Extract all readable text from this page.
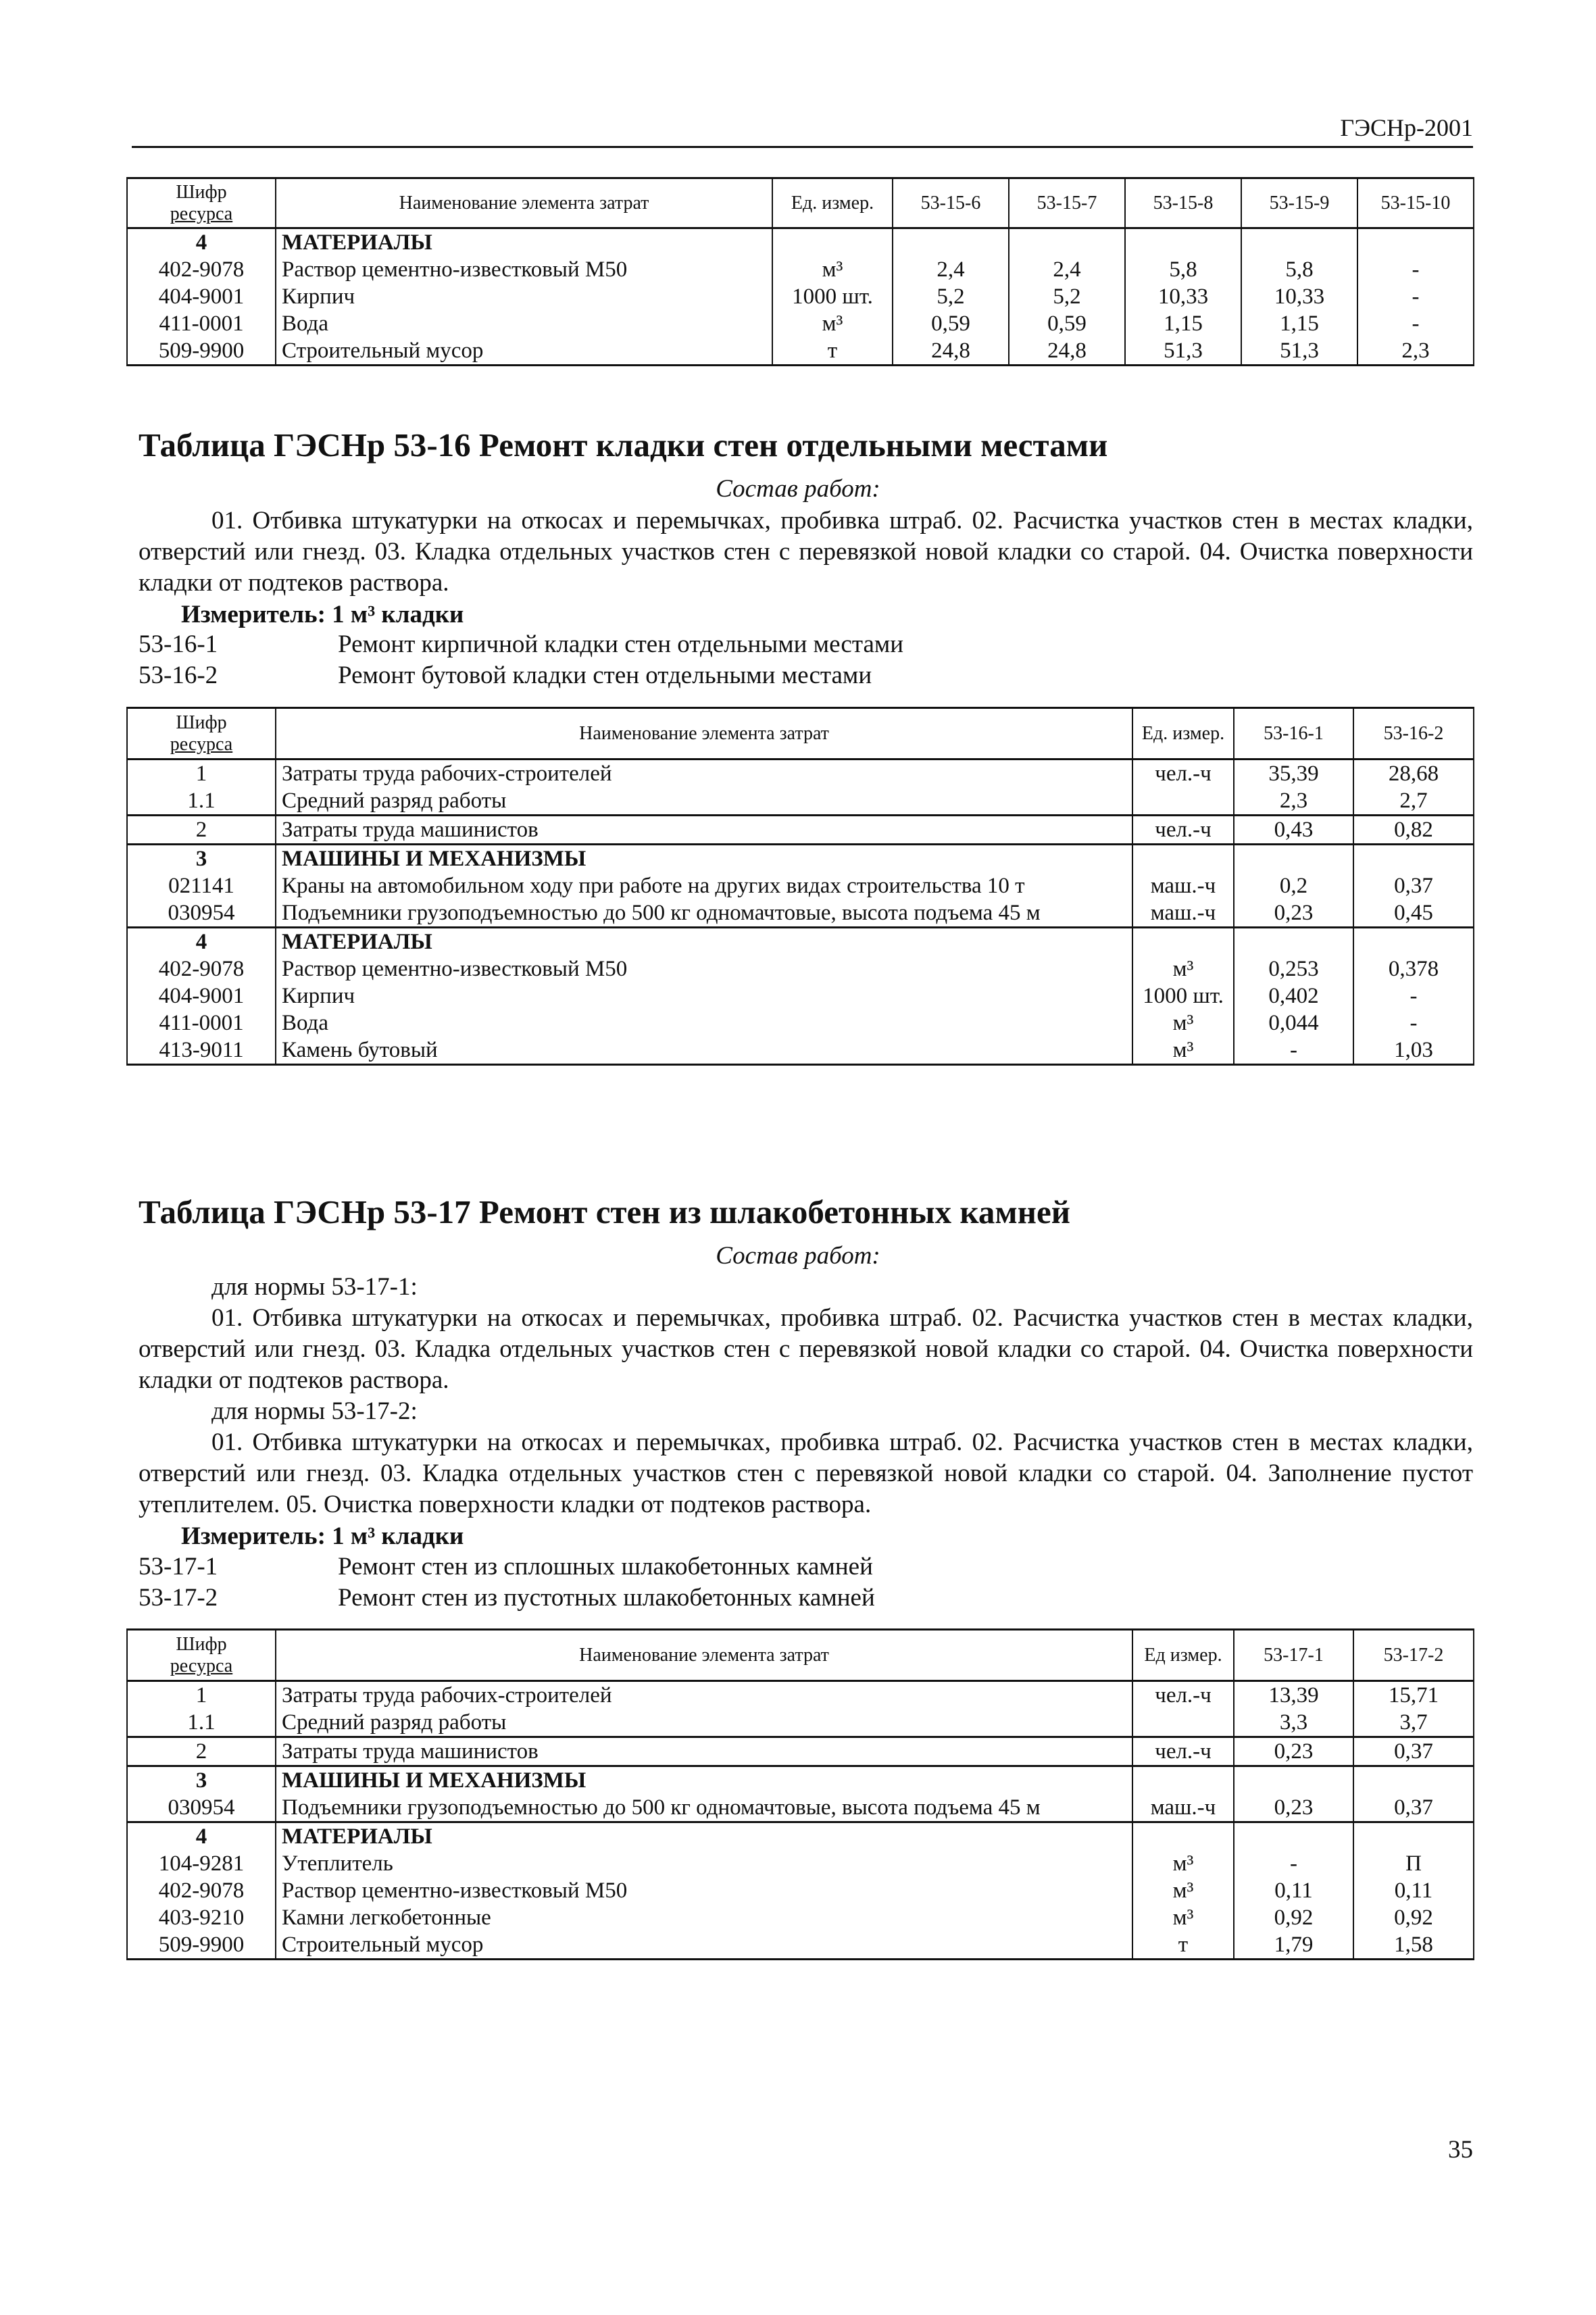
ГЭСНр-2001
Шифр
ресурса	Наименование элемента затрат	Ед. измер.	53-15-6	53-15-7	53-15-8	53-15-9	53-15-10
4	МАТЕРИАЛЫ						
402-9078	Раствор цементно-известковый М50	м³	2,4	2,4	5,8	5,8	-
404-9001	Кирпич	1000 шт.	5,2	5,2	10,33	10,33	-
411-0001	Вода	м³	0,59	0,59	1,15	1,15	-
509-9900	Строительный мусор	т	24,8	24,8	51,3	51,3	2,3
Таблица ГЭСНр 53-16 Ремонт кладки стен отдельными местами
Состав работ:

01. Отбивка штукатурки на откосах и перемычках, пробивка штраб. 02. Расчистка участков стен в местах кладки, отверстий или гнезд. 03. Кладка отдельных участков стен с перевязкой новой кладки со старой. 04. Очистка поверхности кладки от подтеков раствора.

Измеритель: 1 м³ кладки
53-16-1	Ремонт кирпичной кладки стен отдельными местами
53-16-2	Ремонт бутовой кладки стен отдельными местами
Шифр
ресурса	Наименование элемента затрат	Ед. измер.	53-16-1	53-16-2
1	Затраты труда рабочих-строителей	чел.-ч	35,39	28,68
1.1	Средний разряд работы		2,3	2,7
2	Затраты труда машинистов	чел.-ч	0,43	0,82
3	МАШИНЫ И МЕХАНИЗМЫ			
021141	Краны на автомобильном ходу при работе на других видах строительства 10 т	маш.-ч	0,2	0,37
030954	Подъемники грузоподъемностью до 500 кг одномачтовые, высота подъема 45 м	маш.-ч	0,23	0,45
4	МАТЕРИАЛЫ			
402-9078	Раствор цементно-известковый М50	м³	0,253	0,378
404-9001	Кирпич	1000 шт.	0,402	-
411-0001	Вода	м³	0,044	-
413-9011	Камень бутовый	м³	-	1,03
Таблица ГЭСНр 53-17 Ремонт стен из шлакобетонных камней
Состав работ:
для нормы 53-17-1:

01. Отбивка штукатурки на откосах и перемычках, пробивка штраб. 02. Расчистка участков стен в местах кладки, отверстий или гнезд. 03. Кладка отдельных участков стен с перевязкой новой кладки со старой. 04. Очистка поверхности кладки от подтеков раствора.

для нормы 53-17-2:

01. Отбивка штукатурки на откосах и перемычках, пробивка штраб. 02. Расчистка участков стен в местах кладки, отверстий или гнезд. 03. Кладка отдельных участков стен с перевязкой новой кладки со старой. 04. Заполнение пустот утеплителем. 05. Очистка поверхности кладки от подтеков раствора.

Измеритель: 1 м³ кладки
53-17-1	Ремонт стен из сплошных шлакобетонных камней
53-17-2	Ремонт стен из пустотных шлакобетонных камней
Шифр
ресурса	Наименование элемента затрат	Ед измер.	53-17-1	53-17-2
1	Затраты труда рабочих-строителей	чел.-ч	13,39	15,71
1.1	Средний разряд работы		3,3	3,7
2	Затраты труда машинистов	чел.-ч	0,23	0,37
3	МАШИНЫ И МЕХАНИЗМЫ			
030954	Подъемники грузоподъемностью до 500 кг одномачтовые, высота подъема 45 м	маш.-ч	0,23	0,37
4	МАТЕРИАЛЫ			
104-9281	Утеплитель	м³	-	П
402-9078	Раствор цементно-известковый М50	м³	0,11	0,11
403-9210	Камни легкобетонные	м³	0,92	0,92
509-9900	Строительный мусор	т	1,79	1,58
35
